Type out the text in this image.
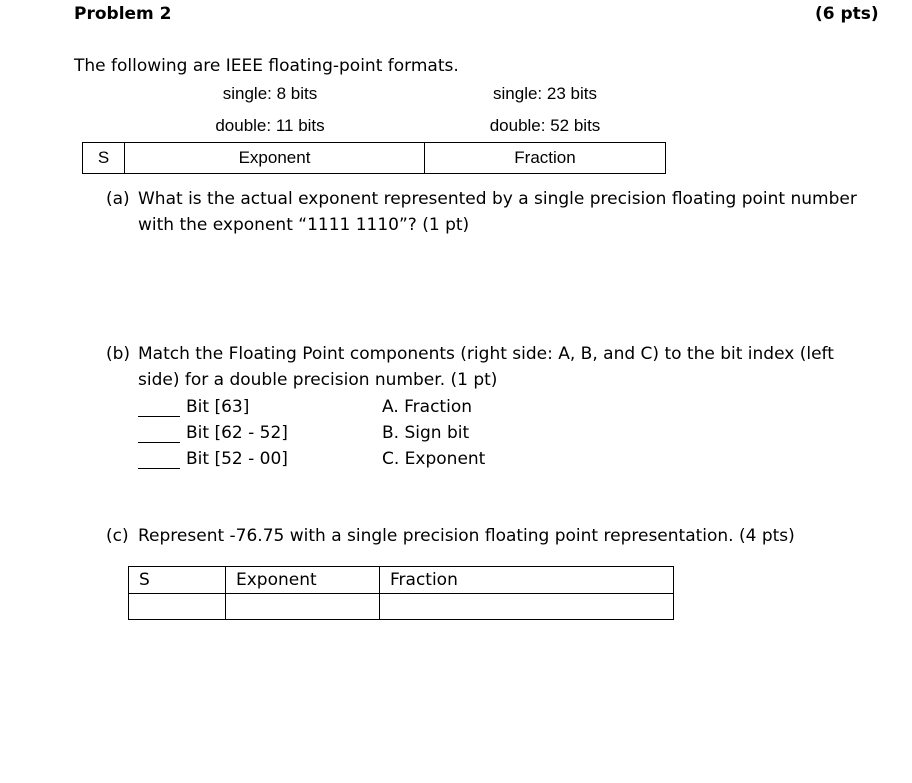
Problem 2	(6 pts)
The following are IEEE floating-point formats.
single: 8 bits	single: 23 bits
double: 11 bits	double: 52 bits
S	Exponent	Fraction
(a) What is the actual exponent represented by a single precision floating point number
with the exponent “1111 1110”? (1 pt)
(b) Match the Floating Point components (right side: A, B, and C) to the bit index (left
side) for a double precision number. (1 pt)
Bit [63]	A. Fraction
Bit [62 - 52]	B. Sign bit
Bit [52 - 00]	C. Exponent
(c) Represent -76.75 with a single precision floating point representation. (4 pts)
S	Exponent	Fraction
